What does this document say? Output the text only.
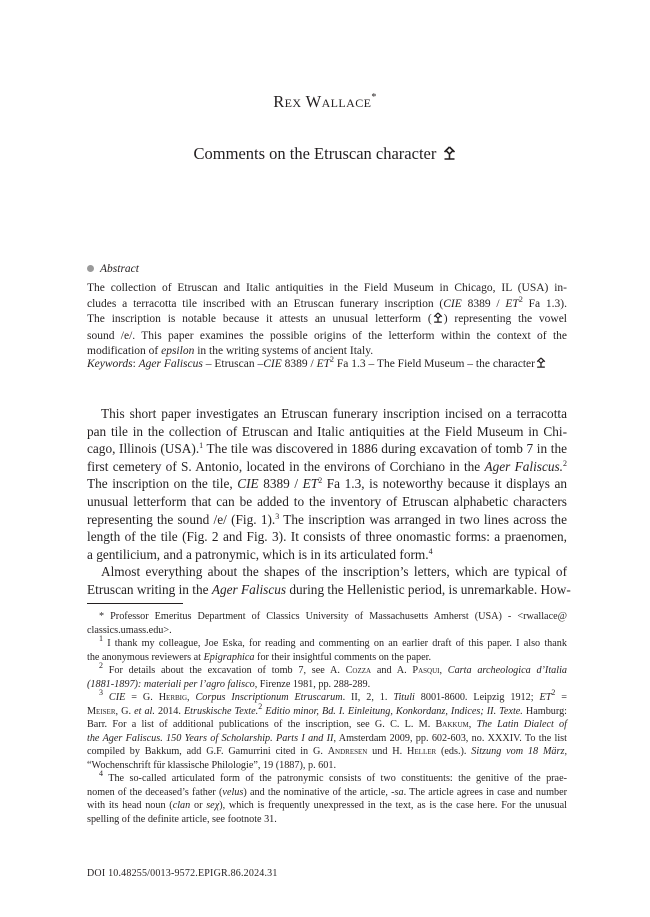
Rex Wallace*
Comments on the Etruscan character
Abstract
The collection of Etruscan and Italic antiquities in the Field Museum in Chicago, IL (USA) in-
cludes a terracotta tile inscribed with an Etruscan funerary inscription (CIE 8389 / ET$^2$ Fa 1.3).
The inscription is notable because it attests an unusual letterform ( ) representing the vowel
sound /e/. This paper examines the possible origins of the letterform within the context of the
modification of epsilon in the writing systems of ancient Italy.
Keywords: Ager Faliscus – Etruscan –CIE 8389 / ET$^2$ Fa 1.3 – The Field Museum – the character
This short paper investigates an Etruscan funerary inscription incised on a terracotta
pan tile in the collection of Etruscan and Italic antiquities at the Field Museum in Chi-
cago, Illinois (USA).$^1$ The tile was discovered in 1886 during excavation of tomb 7 in the
first cemetery of S. Antonio, located in the environs of Corchiano in the Ager Faliscus.$^2$
The inscription on the tile, CIE 8389 / ET$^2$ Fa 1.3, is noteworthy because it displays an
unusual letterform that can be added to the inventory of Etruscan alphabetic characters
representing the sound /e/ (Fig. 1).$^3$ The inscription was arranged in two lines across the
length of the tile (Fig. 2 and Fig. 3). It consists of three onomastic forms: a praenomen,
a gentilicium, and a patronymic, which is in its articulated form.$^4$
Almost everything about the shapes of the inscription’s letters, which are typical of
Etruscan writing in the Ager Faliscus during the Hellenistic period, is unremarkable. How-
* Professor Emeritus Department of Classics University of Massachusetts Amherst (USA) - <rwallace@
classics.umass.edu>.
$^1$ I thank my colleague, Joe Eska, for reading and commenting on an earlier draft of this paper. I also thank
the anonymous reviewers at Epigraphica for their insightful comments on the paper.
$^2$ For details about the excavation of tomb 7, see A. Cozza and A. Pasqui, Carta archeologica d’Italia
(1881-1897): materiali per l’agro falisco, Firenze 1981, pp. 288-289.
$^3$ CIE = G. Herbig, Corpus Inscriptionum Etruscarum. II, 2, 1. Tituli 8001-8600. Leipzig 1912; ET$^2$ =
Meiser, G. et al. 2014. Etruskische Texte.$^2$ Editio minor, Bd. I. Einleitung, Konkordanz, Indices; II. Texte. Hamburg:
Barr. For a list of additional publications of the inscription, see G. C. L. M. Bakkum, The Latin Dialect of
the Ager Faliscus. 150 Years of Scholarship. Parts I and II, Amsterdam 2009, pp. 602-603, no. XXXIV. To the list
compiled by Bakkum, add G.F. Gamurrini cited in G. Andresen und H. Heller (eds.). Sitzung vom 18 März,
“Wochenschrift für klassische Philologie”, 19 (1887), p. 601.
$^4$ The so-called articulated form of the patronymic consists of two constituents: the genitive of the prae-
nomen of the deceased’s father (velus) and the nominative of the article, -sa. The article agrees in case and number
with its head noun (clan or seχ), which is frequently unexpressed in the text, as is the case here. For the unusual
spelling of the definite article, see footnote 31.
DOI 10.48255/0013-9572.EPIGR.86.2024.31
